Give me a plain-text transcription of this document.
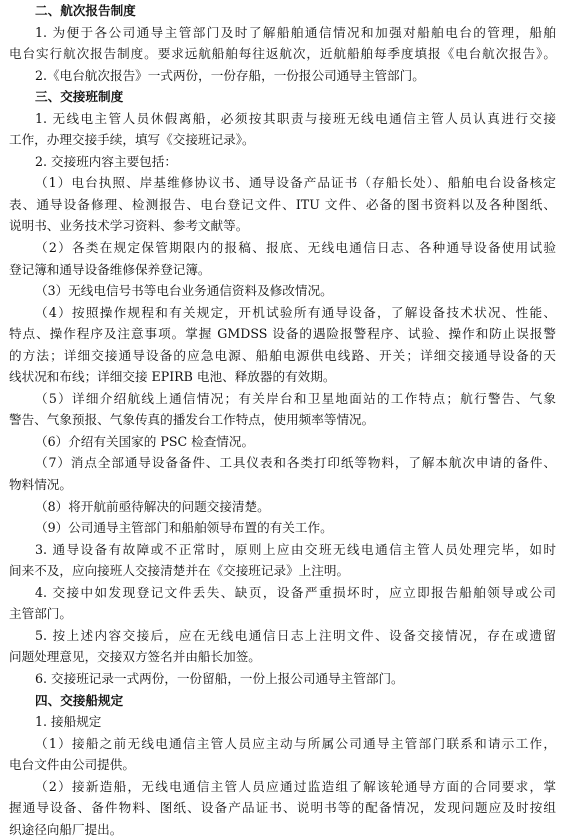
二、航次报告制度
1. 为便于各公司通导主管部门及时了解船舶通信情况和加强对船舶电台的管理，船舶
电台实行航次报告制度。要求远航船舶每往返航次，近航船舶每季度填报《电台航次报告》。
2.《电台航次报告》一式两份，一份存船，一份报公司通导主管部门。
三、交接班制度
1. 无线电主管人员休假离船，必须按其职责与接班无线电通信主管人员认真进行交接
工作，办理交接手续，填写《交接班记录》。
2. 交接班内容主要包括：
（1）电台执照、岸基维修协议书、通导设备产品证书（存船长处）、船舶电台设备核定
表、通导设备修理、检测报告、电台登记文件、ITU 文件、必备的图书资料以及各种图纸、
说明书、业务技术学习资料、参考文献等。
（2）各类在规定保管期限内的报稿、报底、无线电通信日志、各种通导设备使用试验
登记簿和通导设备维修保养登记簿。
（3）无线电信号书等电台业务通信资料及修改情况。
（4）按照操作规程和有关规定，开机试验所有通导设备，了解设备技术状况、性能、
特点、操作程序及注意事项。掌握 GMDSS 设备的遇险报警程序、试验、操作和防止误报警
的方法；详细交接通导设备的应急电源、船舶电源供电线路、开关；详细交接通导设备的天
线状况和布线；详细交接 EPIRB 电池、释放器的有效期。
（5）详细介绍航线上通信情况；有关岸台和卫星地面站的工作特点；航行警告、气象
警告、气象预报、气象传真的播发台工作特点，使用频率等情况。
（6）介绍有关国家的 PSC 检查情况。
（7）消点全部通导设备备件、工具仪表和各类打印纸等物料，了解本航次申请的备件、
物料情况。
（8）将开航前亟待解决的问题交接清楚。
（9）公司通导主管部门和船舶领导布置的有关工作。
3. 通导设备有故障或不正常时，原则上应由交班无线电通信主管人员处理完毕，如时
间来不及，应向接班人交接清楚并在《交接班记录》上注明。
4. 交接中如发现登记文件丢失、缺页，设备严重损坏时，应立即报告船舶领导或公司
主管部门。
5. 按上述内容交接后，应在无线电通信日志上注明文件、设备交接情况，存在或遗留
问题处理意见，交接双方签名并由船长加签。
6. 交接班记录一式两份，一份留船，一份上报公司通导主管部门。
四、交接船规定
1. 接船规定
（1）接船之前无线电通信主管人员应主动与所属公司通导主管部门联系和请示工作，
电台文件由公司提供。
（2）接新造船，无线电通信主管人员应通过监造组了解该轮通导方面的合同要求，掌
握通导设备、备件物料、图纸、设备产品证书、说明书等的配备情况，发现问题应及时按组
织途径向船厂提出。
